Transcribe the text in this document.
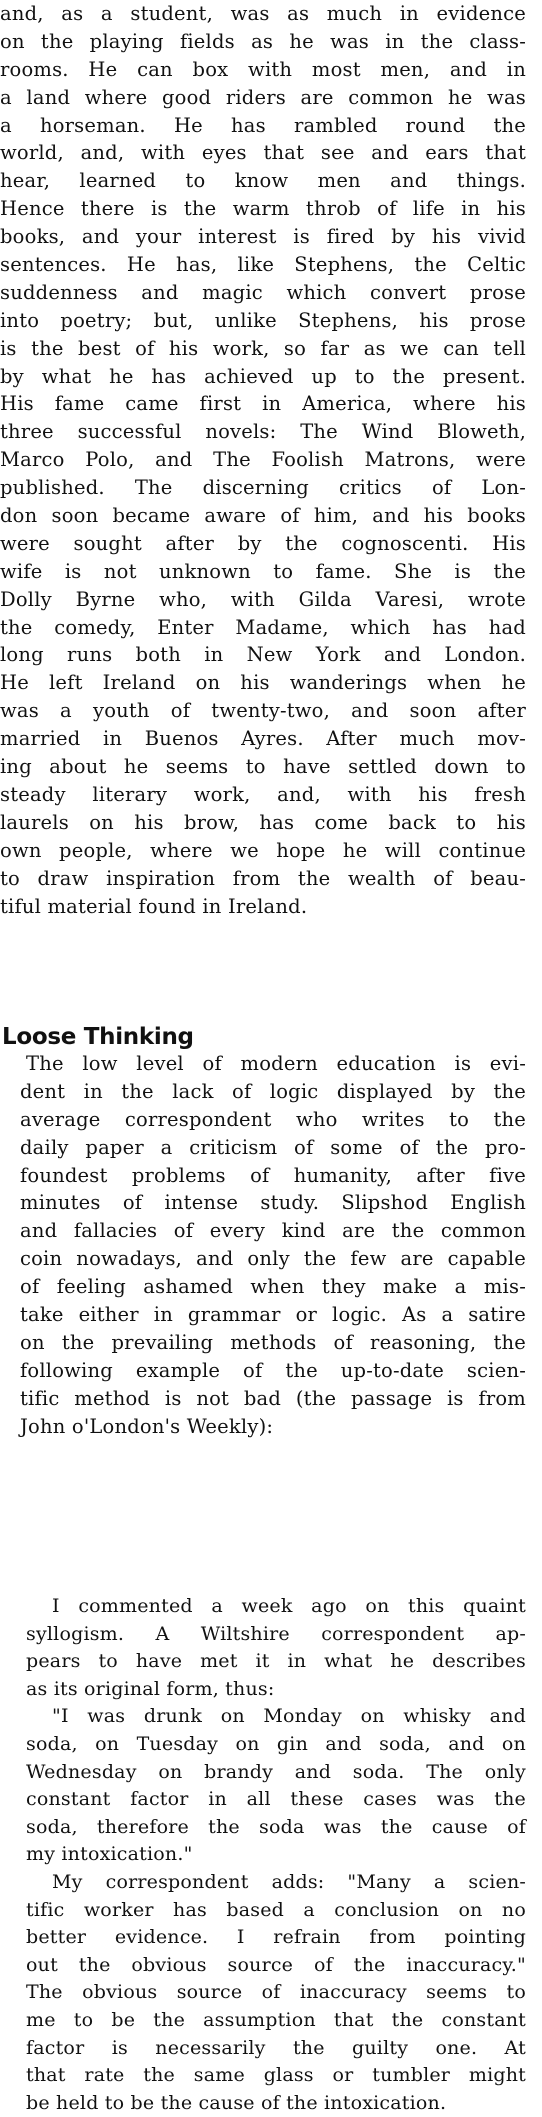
and, as a student, was as much in evidence
on the playing fields as he was in the class-
rooms. He can box with most men, and in
a land where good riders are common he was
a horseman. He has rambled round the
world, and, with eyes that see and ears that
hear, learned to know men and things.
Hence there is the warm throb of life in his
books, and your interest is fired by his vivid
sentences. He has, like Stephens, the Celtic
suddenness and magic which convert prose
into poetry; but, unlike Stephens, his prose
is the best of his work, so far as we can tell
by what he has achieved up to the present.
His fame came first in America, where his
three successful novels: The Wind Bloweth,
Marco Polo, and The Foolish Matrons, were
published. The discerning critics of Lon-
don soon became aware of him, and his books
were sought after by the cognoscenti. His
wife is not unknown to fame. She is the
Dolly Byrne who, with Gilda Varesi, wrote
the comedy, Enter Madame, which has had
long runs both in New York and London.
He left Ireland on his wanderings when he
was a youth of twenty-two, and soon after
married in Buenos Ayres. After much mov-
ing about he seems to have settled down to
steady literary work, and, with his fresh
laurels on his brow, has come back to his
own people, where we hope he will continue
to draw inspiration from the wealth of beau-
tiful material found in Ireland.
Loose Thinking
The low level of modern education is evi-
dent in the lack of logic displayed by the
average correspondent who writes to the
daily paper a criticism of some of the pro-
foundest problems of humanity, after five
minutes of intense study. Slipshod English
and fallacies of every kind are the common
coin nowadays, and only the few are capable
of feeling ashamed when they make a mis-
take either in grammar or logic. As a satire
on the prevailing methods of reasoning, the
following example of the up-to-date scien-
tific method is not bad (the passage is from
John o'London's Weekly):
I commented a week ago on this quaint
syllogism. A Wiltshire correspondent ap-
pears to have met it in what he describes
as its original form, thus:
"I was drunk on Monday on whisky and
soda, on Tuesday on gin and soda, and on
Wednesday on brandy and soda. The only
constant factor in all these cases was the
soda, therefore the soda was the cause of
my intoxication."
My correspondent adds: "Many a scien-
tific worker has based a conclusion on no
better evidence. I refrain from pointing
out the obvious source of the inaccuracy."
The obvious source of inaccuracy seems to
me to be the assumption that the constant
factor is necessarily the guilty one. At
that rate the same glass or tumbler might
be held to be the cause of the intoxication.
